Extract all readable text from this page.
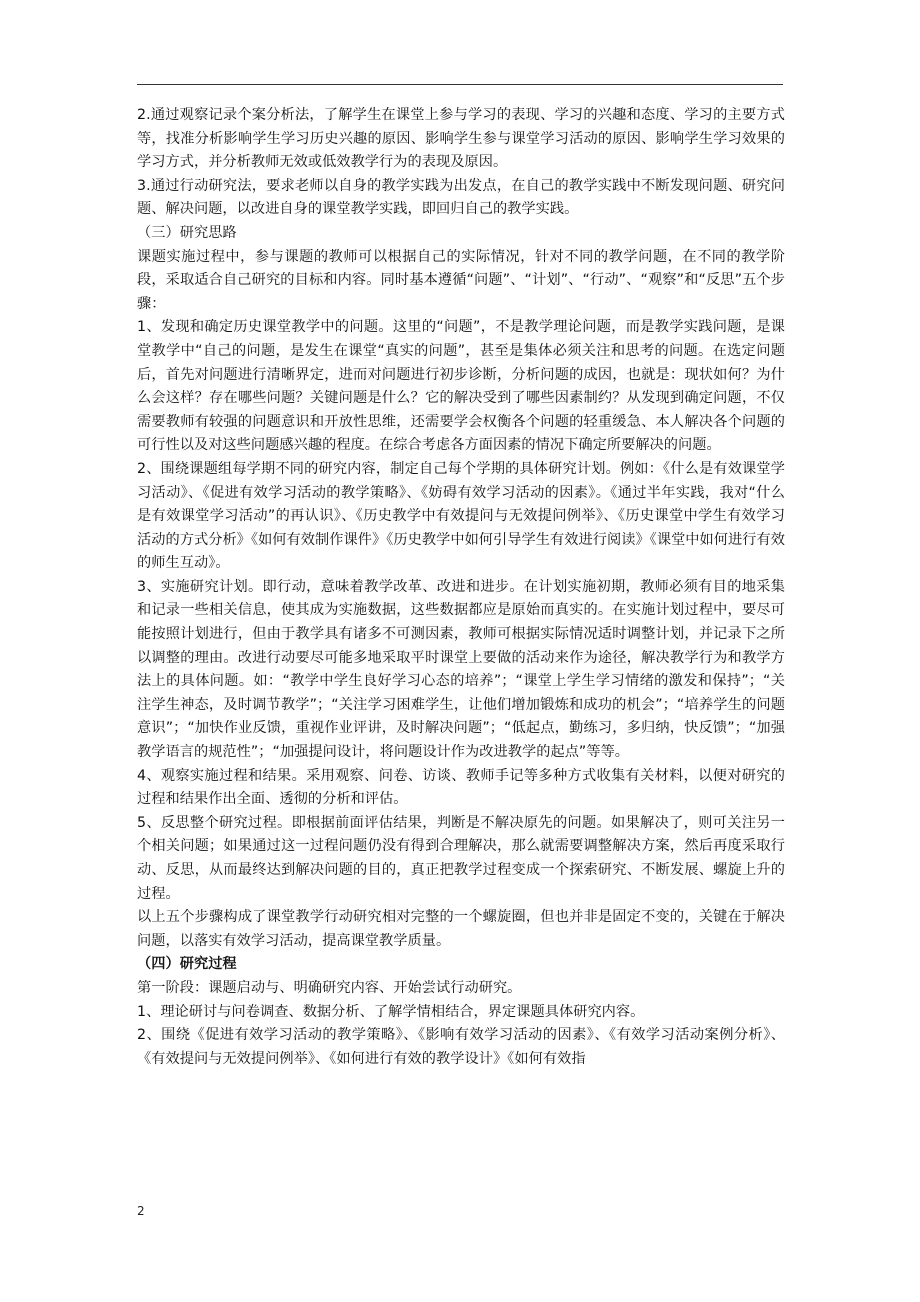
2.通过观察记录个案分析法，了解学生在课堂上参与学习的表现、学习的兴趣和态度、学习的主要方式等，找准分析影响学生学习历史兴趣的原因、影响学生参与课堂学习活动的原因、影响学生学习效果的学习方式，并分析教师无效或低效教学行为的表现及原因。

3.通过行动研究法，要求老师以自身的教学实践为出发点，在自己的教学实践中不断发现问题、研究问题、解决问题，以改进自身的课堂教学实践，即回归自己的教学实践。

（三）研究思路

课题实施过程中，参与课题的教师可以根据自己的实际情况，针对不同的教学问题，在不同的教学阶段，采取适合自己研究的目标和内容。同时基本遵循“问题”、“计划”、“行动”、“观察”和“反思”五个步骤：

1、发现和确定历史课堂教学中的问题。这里的“问题”，不是教学理论问题，而是教学实践问题，是课堂教学中“自己的问题，是发生在课堂“真实的问题”，甚至是集体必须关注和思考的问题。在选定问题后，首先对问题进行清晰界定，进而对问题进行初步诊断，分析问题的成因，也就是：现状如何？为什么会这样？存在哪些问题？关键问题是什么？它的解决受到了哪些因素制约？从发现到确定问题，不仅需要教师有较强的问题意识和开放性思维，还需要学会权衡各个问题的轻重缓急、本人解决各个问题的可行性以及对这些问题感兴趣的程度。在综合考虑各方面因素的情况下确定所要解决的问题。

2、围绕课题组每学期不同的研究内容，制定自己每个学期的具体研究计划。例如：《什么是有效课堂学习活动》、《促进有效学习活动的教学策略》、《妨碍有效学习活动的因素》。《通过半年实践，我对“什么是有效课堂学习活动”的再认识》、《历史教学中有效提问与无效提问例举》、《历史课堂中学生有效学习活动的方式分析》《如何有效制作课件》《历史教学中如何引导学生有效进行阅读》《课堂中如何进行有效的师生互动》。

3、实施研究计划。即行动，意味着教学改革、改进和进步。在计划实施初期，教师必须有目的地采集和记录一些相关信息，使其成为实施数据，这些数据都应是原始而真实的。在实施计划过程中，要尽可能按照计划进行，但由于教学具有诸多不可测因素，教师可根据实际情况适时调整计划，并记录下之所以调整的理由。改进行动要尽可能多地采取平时课堂上要做的活动来作为途径，解决教学行为和教学方法上的具体问题。如：“教学中学生良好学习心态的培养”；“课堂上学生学习情绪的激发和保持”；“关注学生神态，及时调节教学”；“关注学习困难学生，让他们增加锻炼和成功的机会”；“培养学生的问题意识”；“加快作业反馈，重视作业评讲，及时解决问题”；“低起点，勤练习，多归纳，快反馈”；“加强教学语言的规范性”；“加强提问设计，将问题设计作为改进教学的起点”等等。

4、观察实施过程和结果。采用观察、问卷、访谈、教师手记等多种方式收集有关材料，以便对研究的过程和结果作出全面、透彻的分析和评估。

5、反思整个研究过程。即根据前面评估结果，判断是不解决原先的问题。如果解决了，则可关注另一个相关问题；如果通过这一过程问题仍没有得到合理解决，那么就需要调整解决方案，然后再度采取行动、反思，从而最终达到解决问题的目的，真正把教学过程变成一个探索研究、不断发展、螺旋上升的过程。

以上五个步骤构成了课堂教学行动研究相对完整的一个螺旋圈，但也并非是固定不变的，关键在于解决问题，以落实有效学习活动，提高课堂教学质量。

（四）研究过程

第一阶段：课题启动与、明确研究内容、开始尝试行动研究。

1、理论研讨与问卷调查、数据分析、了解学情相结合，界定课题具体研究内容。

2、围绕《促进有效学习活动的教学策略》、《影响有效学习活动的因素》、《有效学习活动案例分析》、《有效提问与无效提问例举》、《如何进行有效的教学设计》《如何有效指

2
